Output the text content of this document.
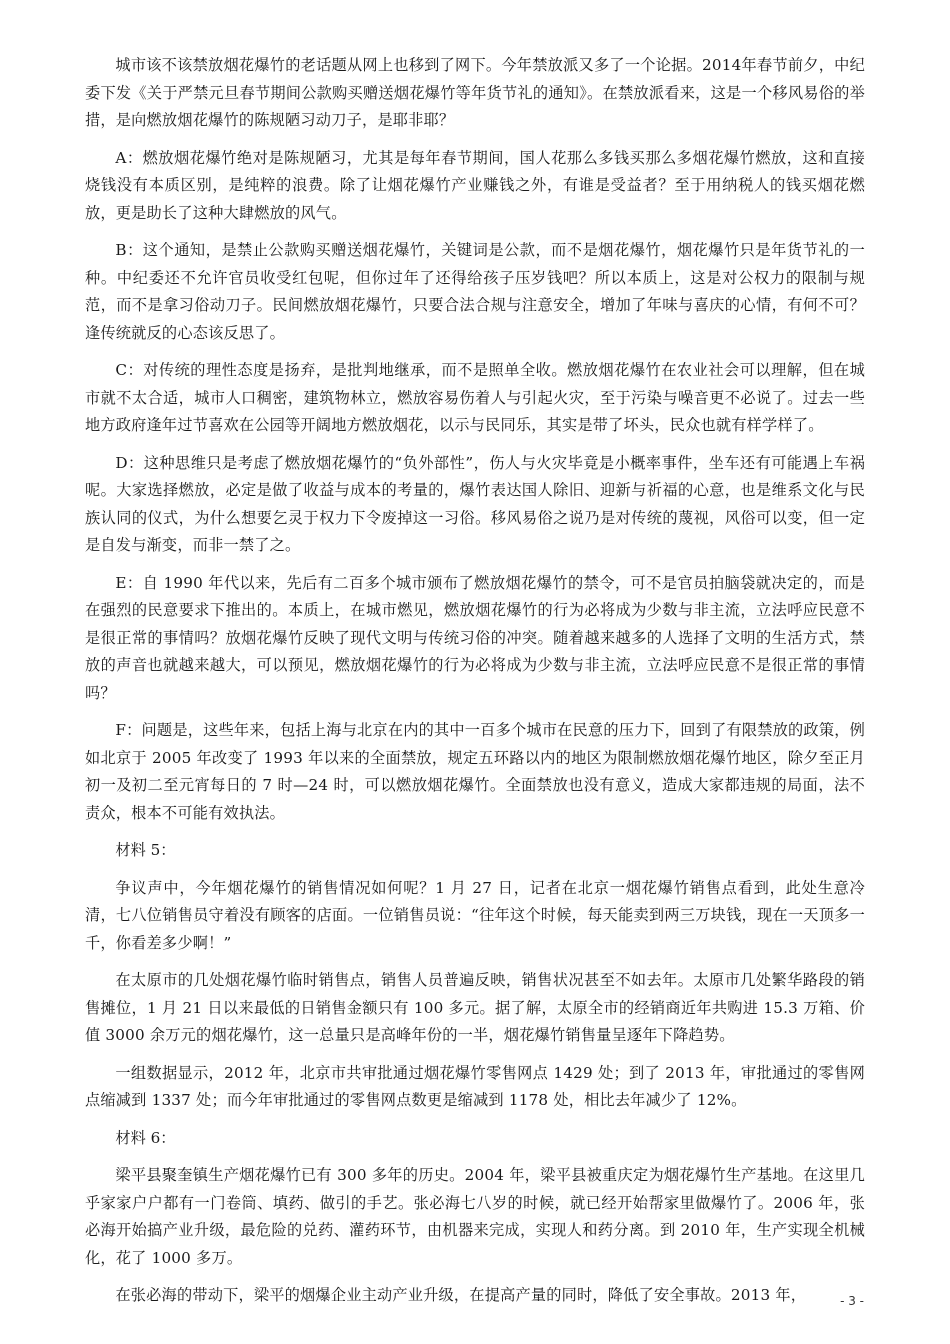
城市该不该禁放烟花爆竹的老话题从网上也移到了网下。今年禁放派又多了一个论据。2014年春节前夕，中纪委下发《关于严禁元旦春节期间公款购买赠送烟花爆竹等年货节礼的通知》。在禁放派看来，这是一个移风易俗的举措，是向燃放烟花爆竹的陈规陋习动刀子，是耶非耶？

A：燃放烟花爆竹绝对是陈规陋习，尤其是每年春节期间，国人花那么多钱买那么多烟花爆竹燃放，这和直接烧钱没有本质区别，是纯粹的浪费。除了让烟花爆竹产业赚钱之外，有谁是受益者？至于用纳税人的钱买烟花燃放，更是助长了这种大肆燃放的风气。

B：这个通知，是禁止公款购买赠送烟花爆竹，关键词是公款，而不是烟花爆竹，烟花爆竹只是年货节礼的一种。中纪委还不允许官员收受红包呢，但你过年了还得给孩子压岁钱吧？所以本质上，这是对公权力的限制与规范，而不是拿习俗动刀子。民间燃放烟花爆竹，只要合法合规与注意安全，增加了年味与喜庆的心情，有何不可？逢传统就反的心态该反思了。

C：对传统的理性态度是扬弃，是批判地继承，而不是照单全收。燃放烟花爆竹在农业社会可以理解，但在城市就不太合适，城市人口稠密，建筑物林立，燃放容易伤着人与引起火灾，至于污染与噪音更不必说了。过去一些地方政府逢年过节喜欢在公园等开阔地方燃放烟花，以示与民同乐，其实是带了坏头，民众也就有样学样了。

D：这种思维只是考虑了燃放烟花爆竹的“负外部性”，伤人与火灾毕竟是小概率事件，坐车还有可能遇上车祸呢。大家选择燃放，必定是做了收益与成本的考量的，爆竹表达国人除旧、迎新与祈福的心意，也是维系文化与民族认同的仪式，为什么想要乞灵于权力下令废掉这一习俗。移风易俗之说乃是对传统的蔑视，风俗可以变，但一定是自发与渐变，而非一禁了之。

E：自 1990 年代以来，先后有二百多个城市颁布了燃放烟花爆竹的禁令，可不是官员拍脑袋就决定的，而是在强烈的民意要求下推出的。本质上，在城市燃见，燃放烟花爆竹的行为必将成为少数与非主流，立法呼应民意不是很正常的事情吗？放烟花爆竹反映了现代文明与传统习俗的冲突。随着越来越多的人选择了文明的生活方式，禁放的声音也就越来越大，可以预见，燃放烟花爆竹的行为必将成为少数与非主流，立法呼应民意不是很正常的事情吗？

F：问题是，这些年来，包括上海与北京在内的其中一百多个城市在民意的压力下，回到了有限禁放的政策，例如北京于 2005 年改变了 1993 年以来的全面禁放，规定五环路以内的地区为限制燃放烟花爆竹地区，除夕至正月初一及初二至元宵每日的 7 时—24 时，可以燃放烟花爆竹。全面禁放也没有意义，造成大家都违规的局面，法不责众，根本不可能有效执法。

材料 5：

争议声中，今年烟花爆竹的销售情况如何呢？1 月 27 日，记者在北京一烟花爆竹销售点看到，此处生意冷清，七八位销售员守着没有顾客的店面。一位销售员说：“往年这个时候，每天能卖到两三万块钱，现在一天顶多一千，你看差多少啊！”

在太原市的几处烟花爆竹临时销售点，销售人员普遍反映，销售状况甚至不如去年。太原市几处繁华路段的销售摊位，1 月 21 日以来最低的日销售金额只有 100 多元。据了解，太原全市的经销商近年共购进 15.3 万箱、价值 3000 余万元的烟花爆竹，这一总量只是高峰年份的一半，烟花爆竹销售量呈逐年下降趋势。

一组数据显示，2012 年，北京市共审批通过烟花爆竹零售网点 1429 处；到了 2013 年，审批通过的零售网点缩减到 1337 处；而今年审批通过的零售网点数更是缩减到 1178 处，相比去年减少了 12%。

材料 6：

梁平县聚奎镇生产烟花爆竹已有 300 多年的历史。2004 年，梁平县被重庆定为烟花爆竹生产基地。在这里几乎家家户户都有一门卷筒、填药、做引的手艺。张必海七八岁的时候，就已经开始帮家里做爆竹了。2006 年，张必海开始搞产业升级，最危险的兑药、灌药环节，由机器来完成，实现人和药分离。到 2010 年，生产实现全机械化，花了 1000 多万。

在张必海的带动下，梁平的烟爆企业主动产业升级，在提高产量的同时，降低了安全事故。2013 年，	- 3 -
